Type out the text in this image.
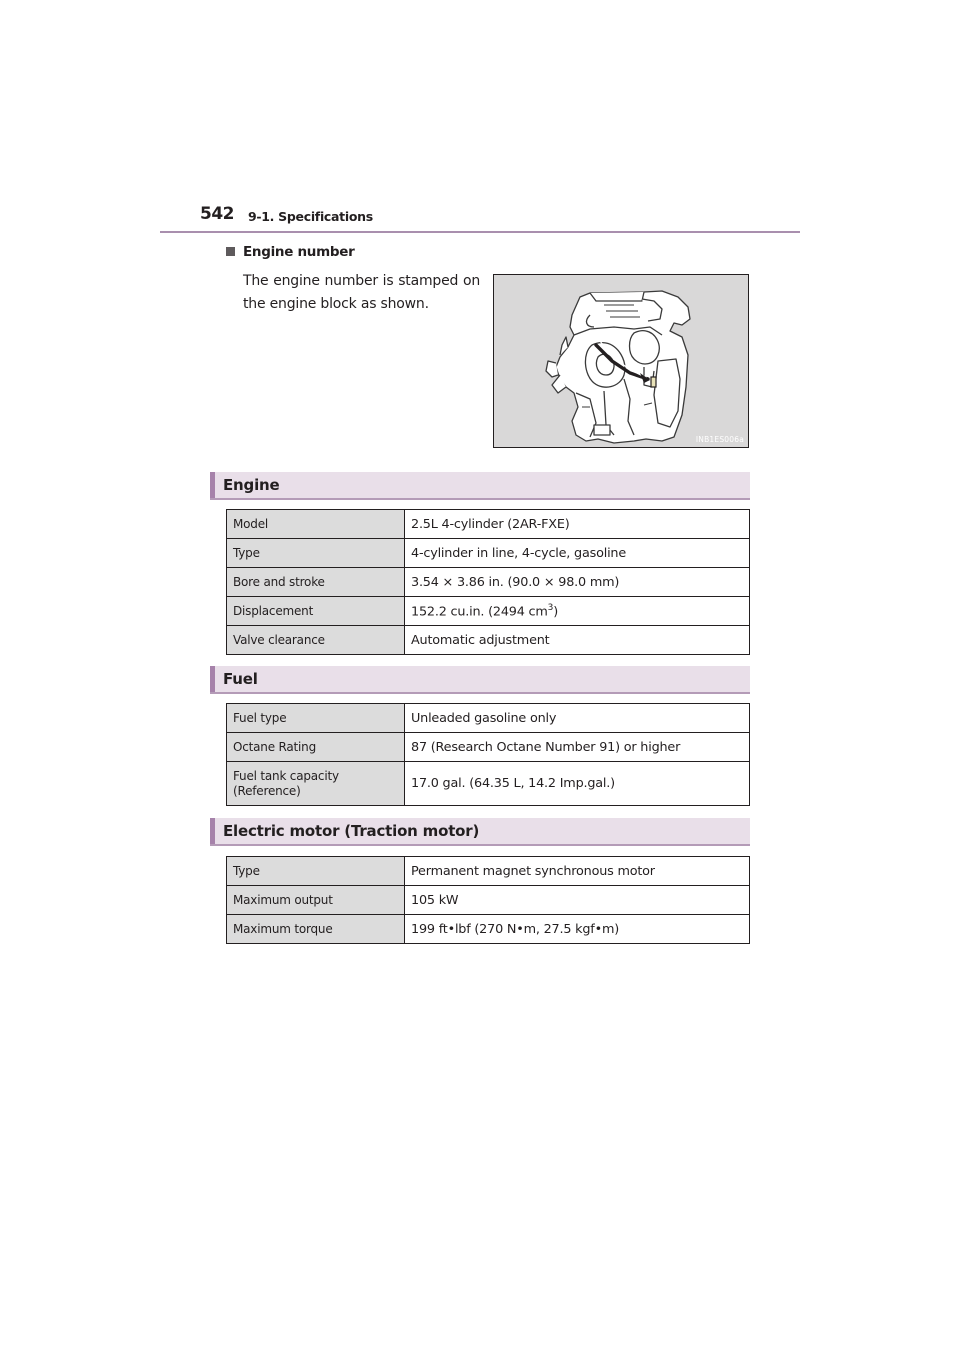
542 9-1. Specifications
Engine number
The engine number is stamped on the engine block as shown.
INB1ES006a
Engine
Model	2.5L 4-cylinder (2AR-FXE)
Type	4-cylinder in line, 4-cycle, gasoline
Bore and stroke	3.54 × 3.86 in. (90.0 × 98.0 mm)
Displacement	152.2 cu.in. (2494 $cm^3$)
Valve clearance	Automatic adjustment
Fuel
Fuel type	Unleaded gasoline only
Octane Rating	87 (Research Octane Number 91) or higher

Fuel tank capacity
(Reference)	17.0 gal. (64.35 L, 14.2 Imp.gal.)
Electric motor (Traction motor)
Type	Permanent magnet synchronous motor
Maximum output	105 kW
Maximum torque	199 ft•lbf (270 N•m, 27.5 kgf•m)
